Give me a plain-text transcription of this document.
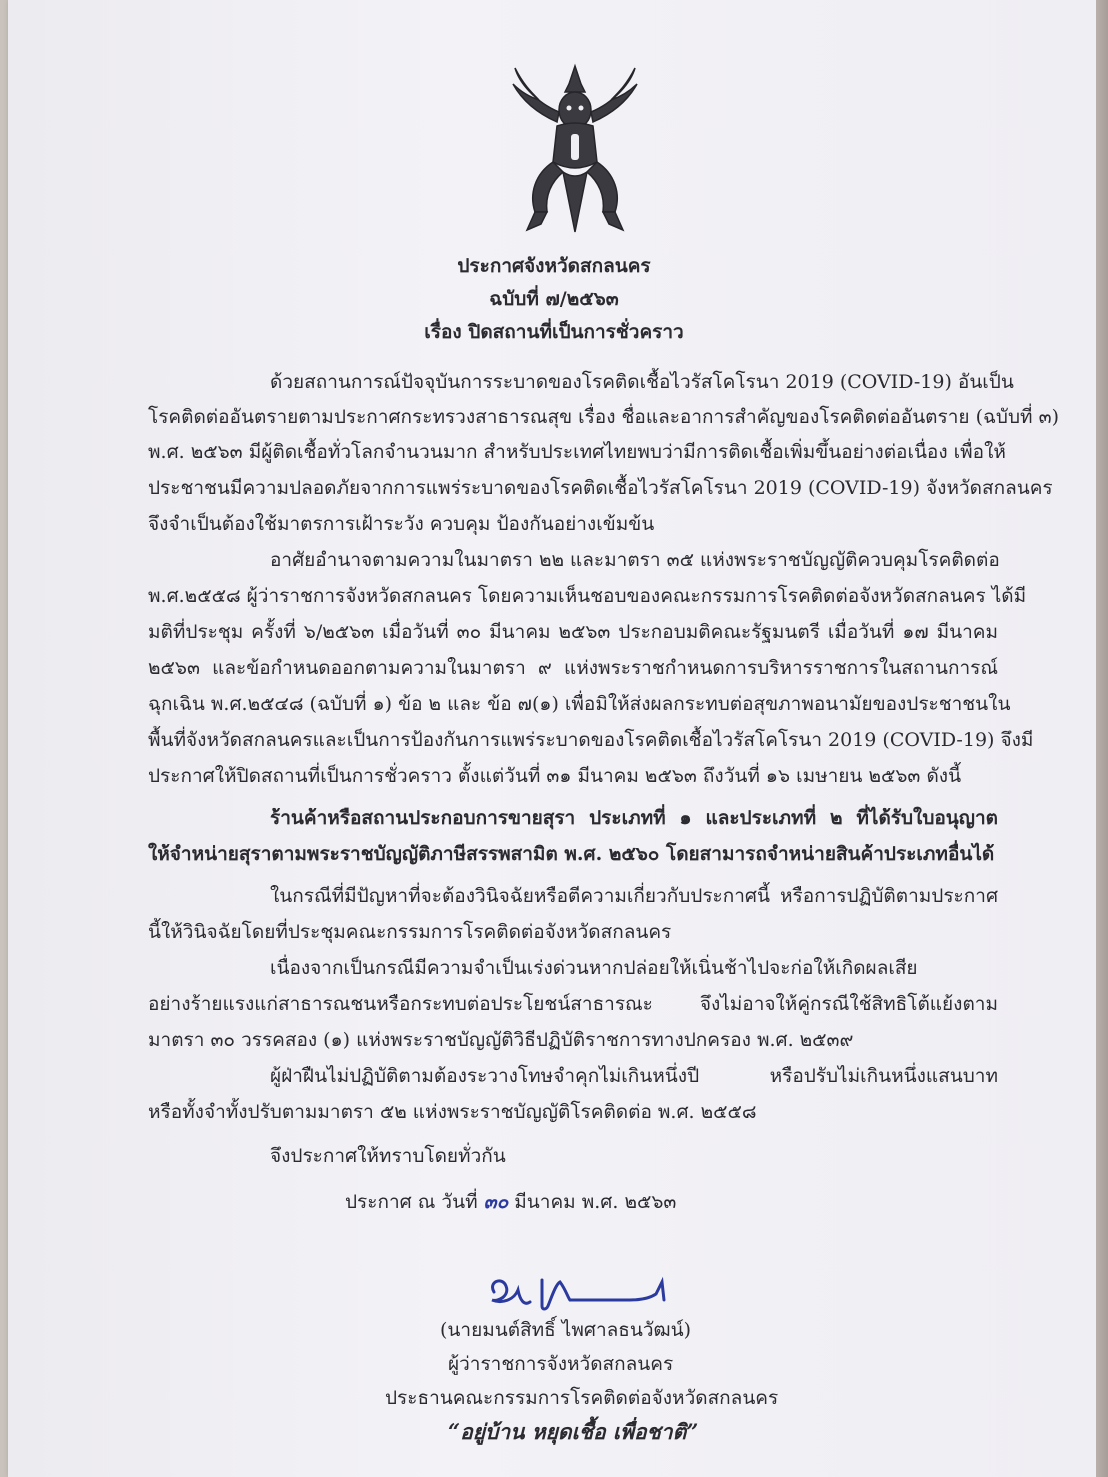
ประกาศจังหวัดสกลนคร
ฉบับที่ ๗/๒๕๖๓
เรื่อง ปิดสถานที่เป็นการชั่วคราว
ด้วยสถานการณ์ปัจจุบันการระบาดของโรคติดเชื้อไวรัสโคโรนา 2019 (COVID-19) อันเป็น
โรคติดต่ออันตรายตามประกาศกระทรวงสาธารณสุข เรื่อง ชื่อและอาการสำคัญของโรคติดต่ออันตราย (ฉบับที่ ๓)
พ.ศ. ๒๕๖๓ มีผู้ติดเชื้อทั่วโลกจำนวนมาก สำหรับประเทศไทยพบว่ามีการติดเชื้อเพิ่มขึ้นอย่างต่อเนื่อง เพื่อให้
ประชาชนมีความปลอดภัยจากการแพร่ระบาดของโรคติดเชื้อไวรัสโคโรนา 2019 (COVID-19) จังหวัดสกลนคร
จึงจำเป็นต้องใช้มาตรการเฝ้าระวัง ควบคุม ป้องกันอย่างเข้มข้น
อาศัยอำนาจตามความในมาตรา ๒๒ และมาตรา ๓๕ แห่งพระราชบัญญัติควบคุมโรคติดต่อ
พ.ศ.๒๕๕๘ ผู้ว่าราชการจังหวัดสกลนคร โดยความเห็นชอบของคณะกรรมการโรคติดต่อจังหวัดสกลนคร ได้มี
มติที่ประชุม ครั้งที่ ๖/๒๕๖๓ เมื่อวันที่ ๓๐ มีนาคม ๒๕๖๓ ประกอบมติคณะรัฐมนตรี เมื่อวันที่ ๑๗ มีนาคม
๒๕๖๓ และข้อกำหนดออกตามความในมาตรา ๙ แห่งพระราชกำหนดการบริหารราชการในสถานการณ์
ฉุกเฉิน พ.ศ.๒๕๔๘ (ฉบับที่ ๑) ข้อ ๒ และ ข้อ ๗(๑) เพื่อมิให้ส่งผลกระทบต่อสุขภาพอนามัยของประชาชนใน
พื้นที่จังหวัดสกลนครและเป็นการป้องกันการแพร่ระบาดของโรคติดเชื้อไวรัสโคโรนา 2019 (COVID-19) จึงมี
ประกาศให้ปิดสถานที่เป็นการชั่วคราว ตั้งแต่วันที่ ๓๑ มีนาคม ๒๕๖๓ ถึงวันที่ ๑๖ เมษายน ๒๕๖๓ ดังนี้
ร้านค้าหรือสถานประกอบการขายสุรา ประเภทที่ ๑ และประเภทที่ ๒ ที่ได้รับใบอนุญาต
ให้จำหน่ายสุราตามพระราชบัญญัติภาษีสรรพสามิต พ.ศ. ๒๕๖๐ โดยสามารถจำหน่ายสินค้าประเภทอื่นได้
ในกรณีที่มีปัญหาที่จะต้องวินิจฉัยหรือตีความเกี่ยวกับประกาศนี้ หรือการปฏิบัติตามประกาศ
นี้ให้วินิจฉัยโดยที่ประชุมคณะกรรมการโรคติดต่อจังหวัดสกลนคร
เนื่องจากเป็นกรณีมีความจำเป็นเร่งด่วนหากปล่อยให้เนิ่นช้าไปจะก่อให้เกิดผลเสีย
อย่างร้ายแรงแก่สาธารณชนหรือกระทบต่อประโยชน์สาธารณะ จึงไม่อาจให้คู่กรณีใช้สิทธิโต้แย้งตาม
มาตรา ๓๐ วรรคสอง (๑) แห่งพระราชบัญญัติวิธีปฏิบัติราชการทางปกครอง พ.ศ. ๒๕๓๙
ผู้ฝ่าฝืนไม่ปฏิบัติตามต้องระวางโทษจำคุกไม่เกินหนึ่งปี หรือปรับไม่เกินหนึ่งแสนบาท
หรือทั้งจำทั้งปรับตามมาตรา ๕๒ แห่งพระราชบัญญัติโรคติดต่อ พ.ศ. ๒๕๕๘
จึงประกาศให้ทราบโดยทั่วกัน
ประกาศ ณ วันที่ ๓๐ มีนาคม พ.ศ. ๒๕๖๓
(นายมนต์สิทธิ์ ไพศาลธนวัฒน์)
ผู้ว่าราชการจังหวัดสกลนคร
ประธานคณะกรรมการโรคติดต่อจังหวัดสกลนคร
“อยู่บ้าน หยุดเชื้อ เพื่อชาติ”
